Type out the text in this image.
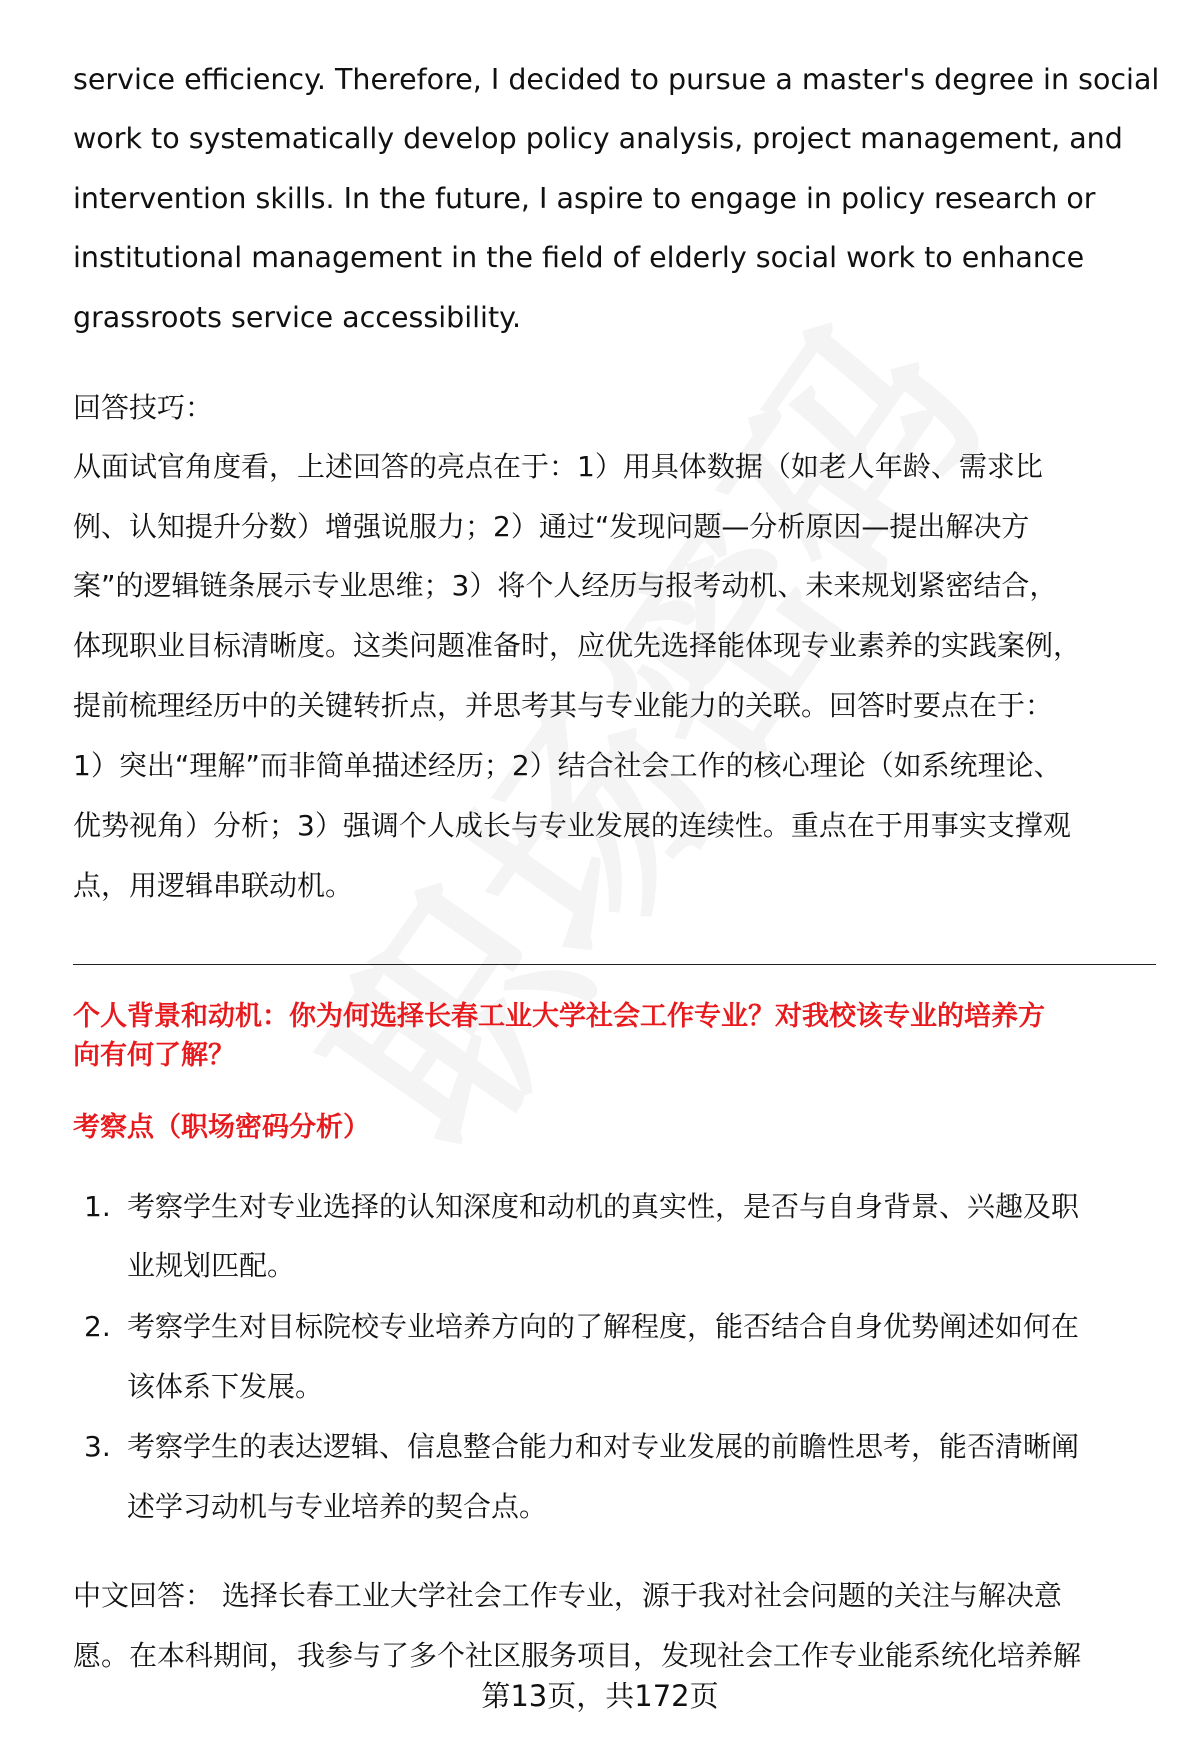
service efficiency. Therefore, I decided to pursue a master's degree in social
work to systematically develop policy analysis, project management, and
intervention skills. In the future, I aspire to engage in policy research or
institutional management in the field of elderly social work to enhance
grassroots service accessibility.
回答技巧：
从面试官角度看，上述回答的亮点在于：1）用具体数据（如老人年龄、需求比
例、认知提升分数）增强说服力；2）通过“发现问题—分析原因—提出解决方
案”的逻辑链条展示专业思维；3）将个人经历与报考动机、未来规划紧密结合，
体现职业目标清晰度。这类问题准备时，应优先选择能体现专业素养的实践案例，
提前梳理经历中的关键转折点，并思考其与专业能力的关联。回答时要点在于：
1）突出“理解”而非简单描述经历；2）结合社会工作的核心理论（如系统理论、
优势视角）分析；3）强调个人成长与专业发展的连续性。重点在于用事实支撑观
点，用逻辑串联动机。
个人背景和动机：你为何选择长春工业大学社会工作专业？对我校该专业的培养方
向有何了解？
考察点（职场密码分析）
1. 考察学生对专业选择的认知深度和动机的真实性，是否与自身背景、兴趣及职
业规划匹配。
2. 考察学生对目标院校专业培养方向的了解程度，能否结合自身优势阐述如何在
该体系下发展。
3. 考察学生的表达逻辑、信息整合能力和对专业发展的前瞻性思考，能否清晰阐
述学习动机与专业培养的契合点。
中文回答： 选择长春工业大学社会工作专业，源于我对社会问题的关注与解决意
愿。在本科期间，我参与了多个社区服务项目，发现社会工作专业能系统化培养解
第13页，共172页
